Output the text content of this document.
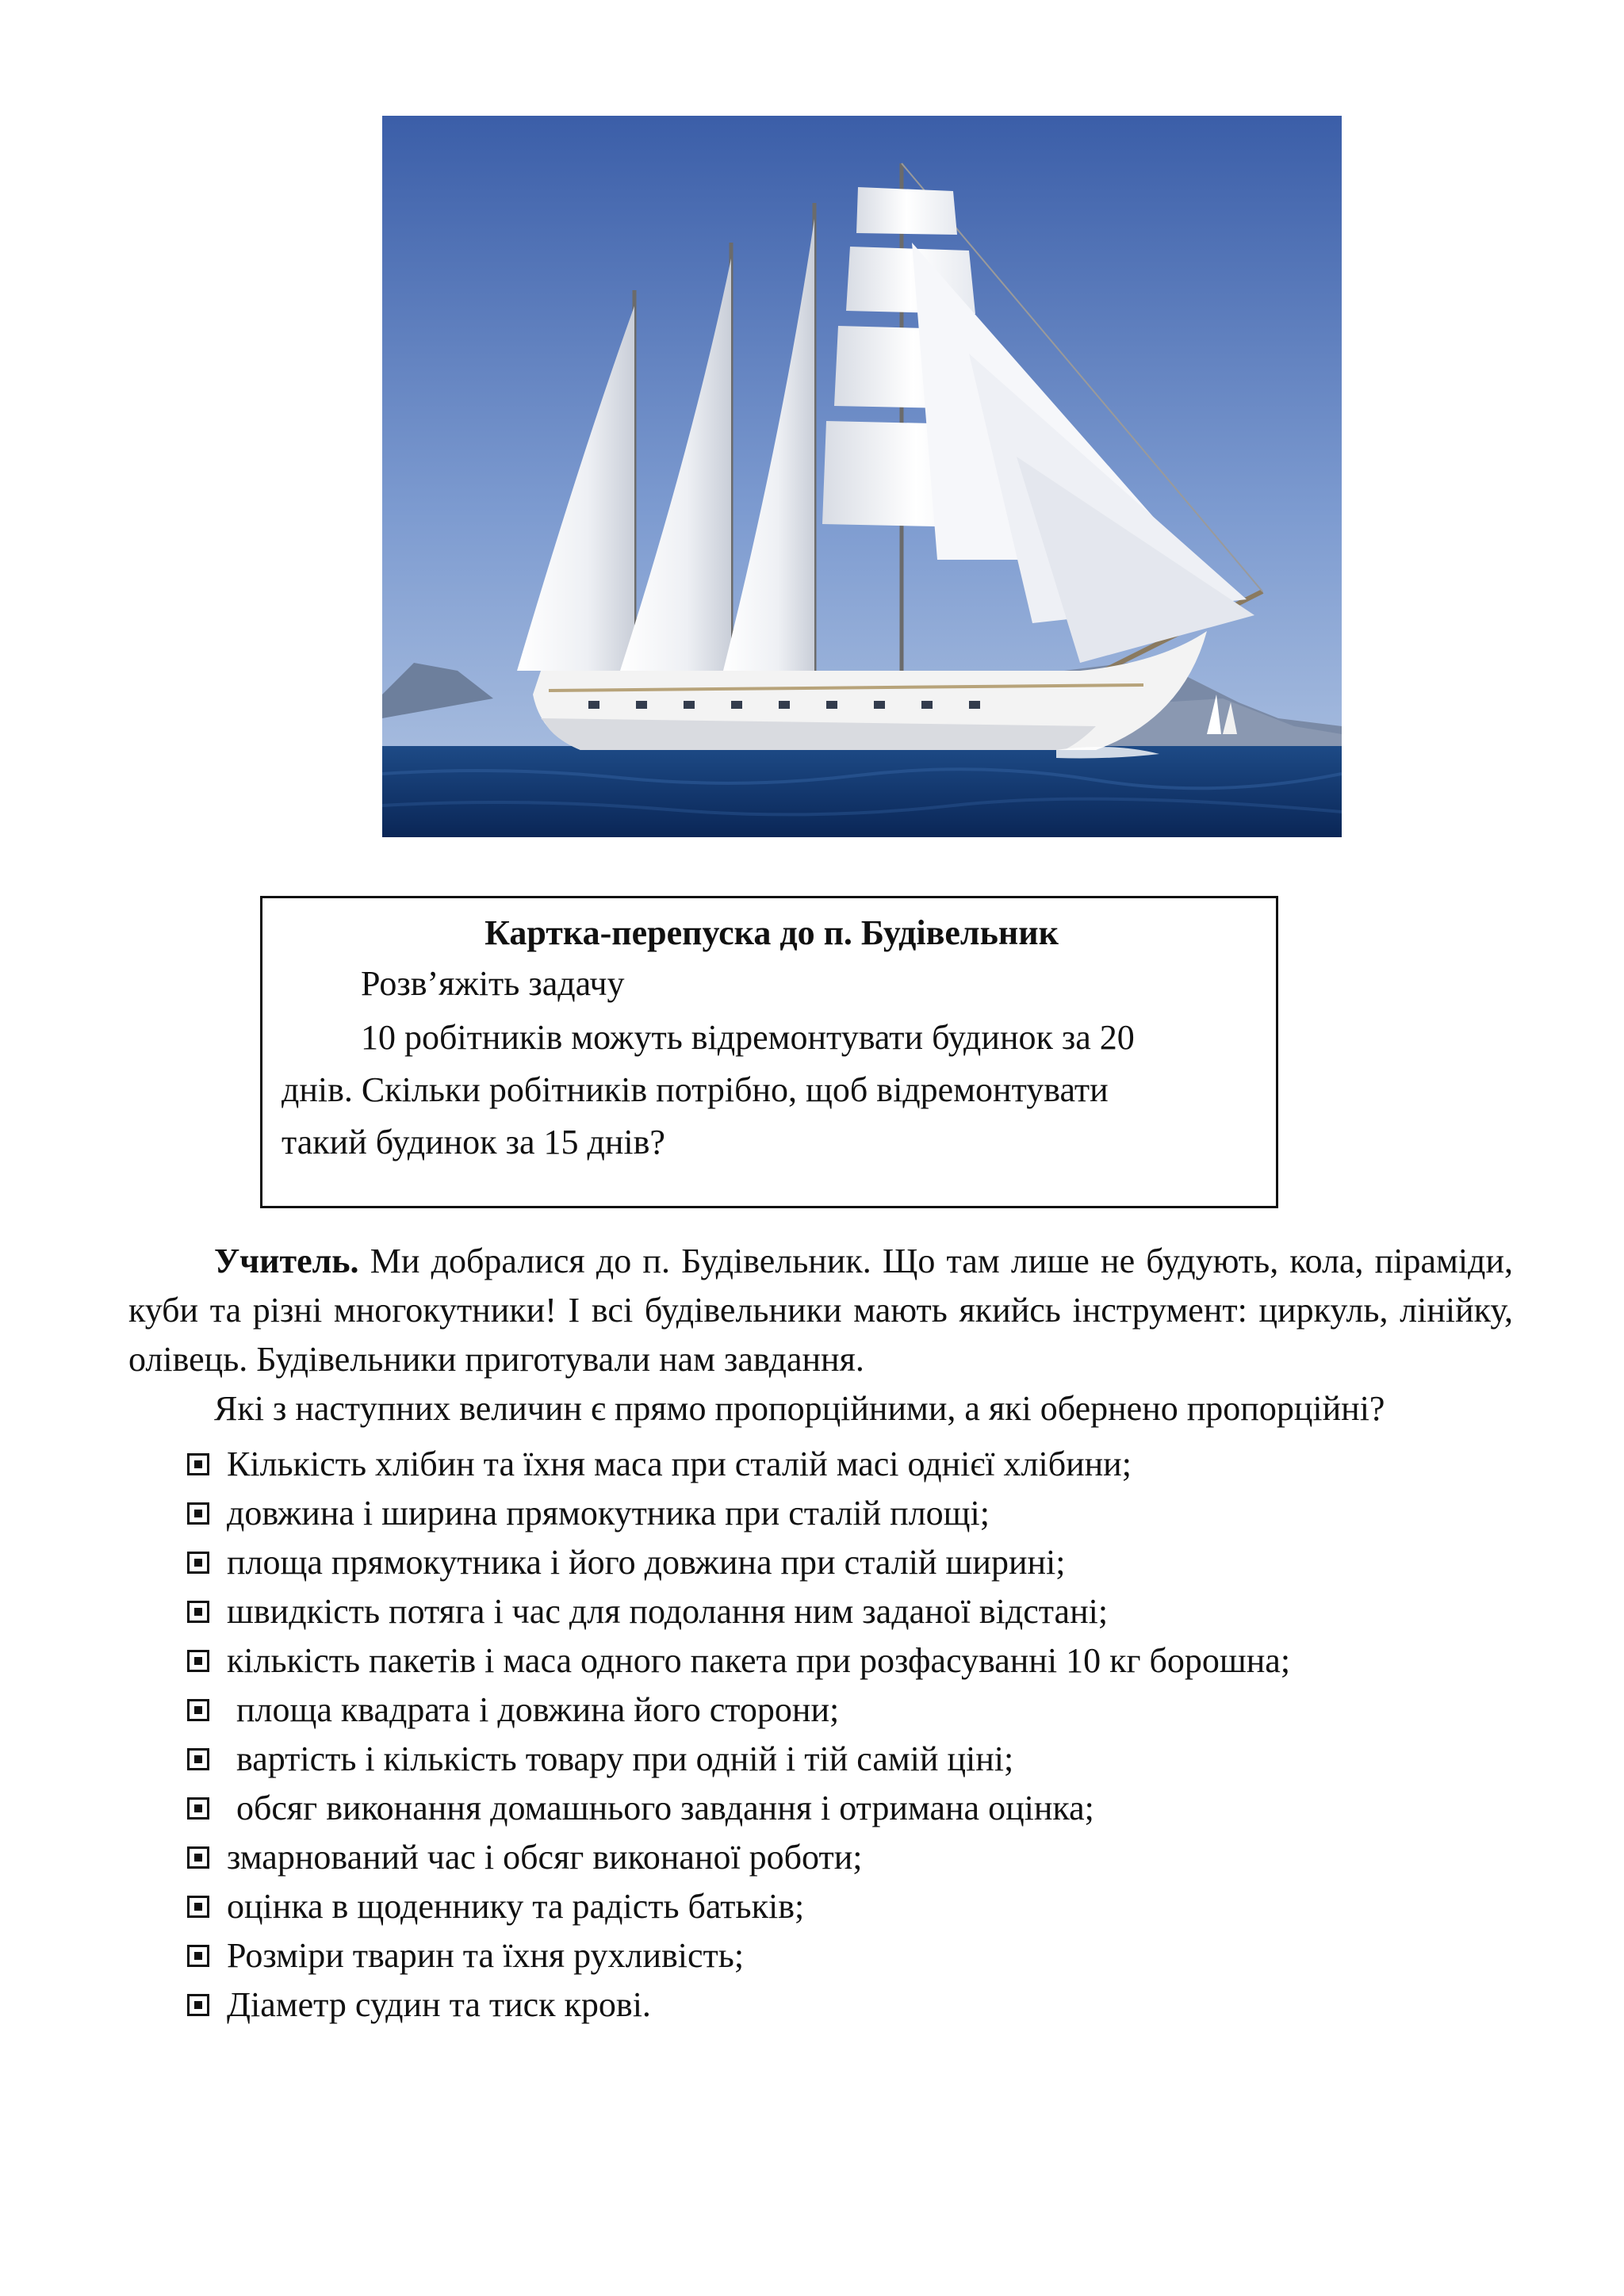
Картка-перепуска до п. Будівельник
Розв’яжіть задачу
10 робітників можуть відремонтувати будинок за 20
днів. Скільки робітників потрібно, щоб відремонтувати
такий будинок за 15 днів?

Учитель. Ми добралися до п. Будівельник. Що там лише не будують, кола, піраміди, куби та різні многокутники! І всі будівельники мають якийсь інструмент: циркуль, лінійку, олівець. Будівельники приготували нам завдання.

Які з наступних величин є прямо пропорційними, а які обернено пропорційні?

Кількість хлібин та їхня маса при сталій масі однієї хлібини;
довжина і ширина прямокутника при сталій площі;
площа прямокутника і його довжина при сталій ширині;
швидкість потяга і час для подолання ним заданої відстані;
кількість пакетів і маса одного пакета при розфасуванні 10 кг борошна;
площа квадрата і довжина його сторони;
вартість і кількість товару при одній і тій самій ціні;
обсяг виконання домашнього завдання і отримана оцінка;
змарнований час і обсяг виконаної роботи;
оцінка в щоденнику та радість батьків;
Розміри тварин та їхня рухливість;
Діаметр судин та тиск крові.
